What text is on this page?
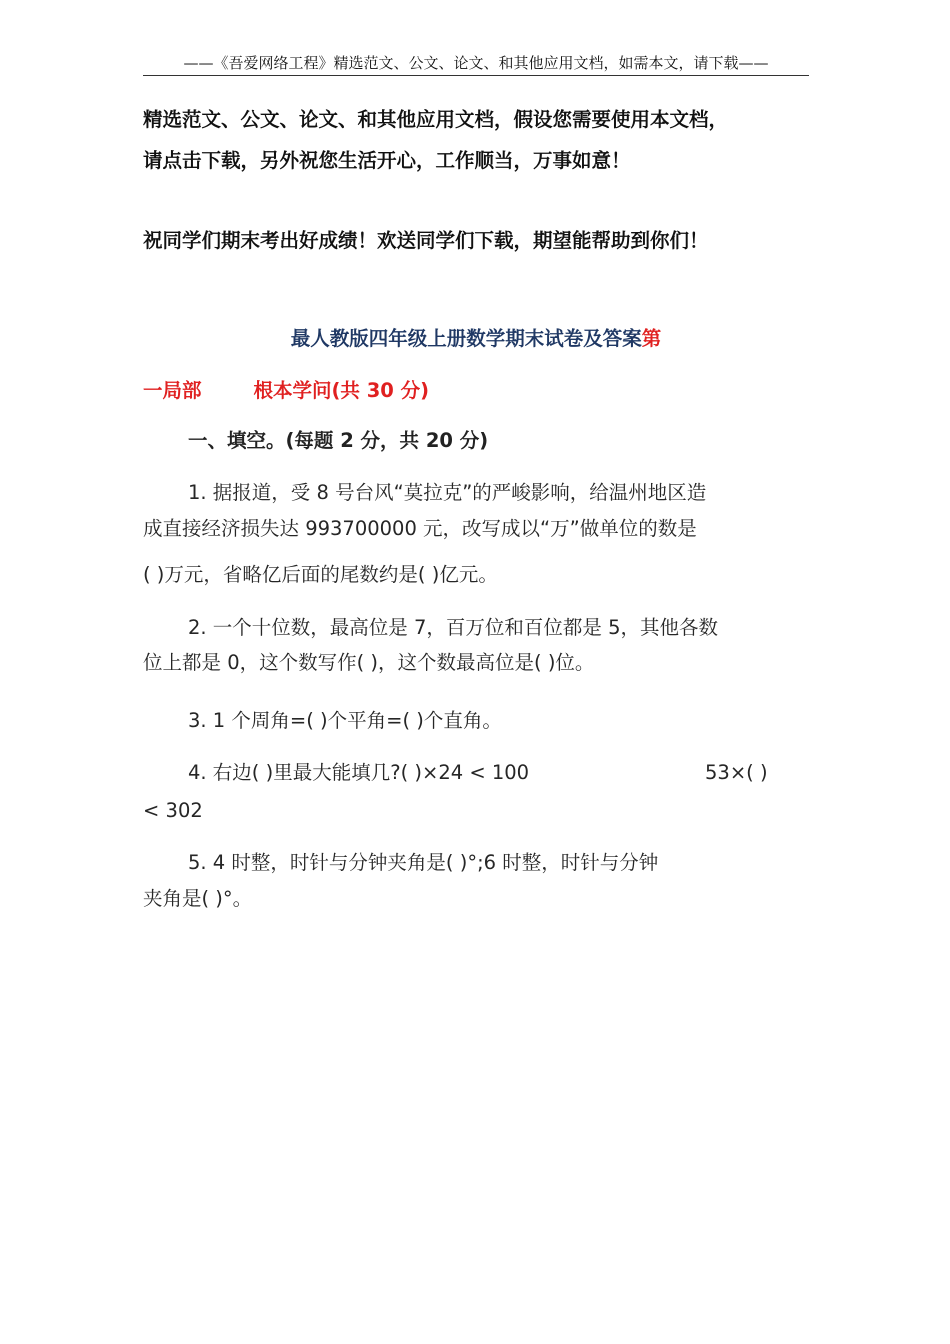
——《吾爱网络工程》精选范文、公文、论文、和其他应用文档，如需本文，请下载——
精选范文、公文、论文、和其他应用文档，假设您需要使用本文档，
请点击下载，另外祝您生活开心，工作顺当，万事如意！
祝同学们期末考出好成绩！欢送同学们下载，期望能帮助到你们！
最人教版四年级上册数学期末试卷及答案第
一局部	根本学问(共 30 分)
一、填空。(每题 2 分，共 20 分)
1. 据报道，受 8 号台风“莫拉克”的严峻影响，给温州地区造
成直接经济损失达 993700000 元，改写成以“万”做单位的数是
( )万元，省略亿后面的尾数约是( )亿元。
2. 一个十位数，最高位是 7，百万位和百位都是 5，其他各数
位上都是 0，这个数写作( )，这个数最高位是( )位。
3. 1 个周角=( )个平角=( )个直角。
4. 右边( )里最大能填几?( )×24 < 100	53×( )
< 302
5. 4 时整，时针与分钟夹角是( )°;6 时整，时针与分钟
夹角是( )°。
